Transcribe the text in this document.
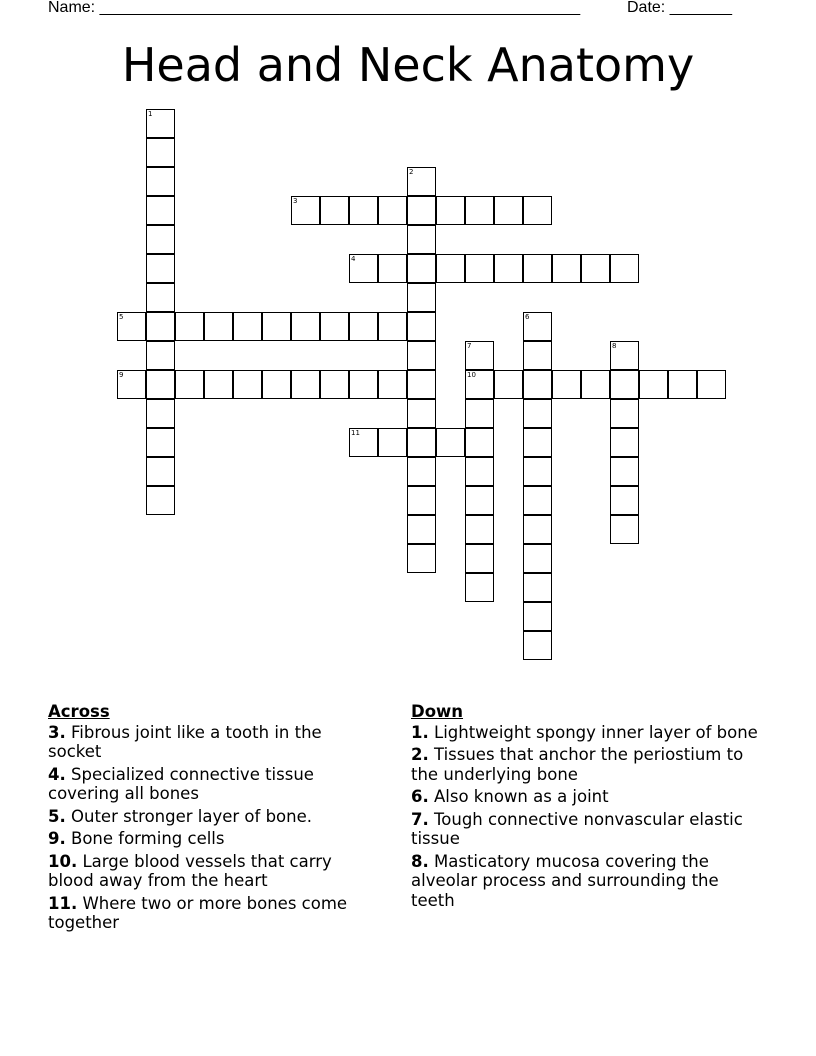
Name: ______________________________________________________	Date: _______
Head and Neck Anatomy
1
2
3
4
5	6
7
10
8
9
11
Across
3. Fibrous joint like a tooth in the socket
4. Specialized connective tissue covering all bones
5. Outer stronger layer of bone.
9. Bone forming cells
10. Large blood vessels that carry blood away from the heart
11. Where two or more bones come together
Down
1. Lightweight spongy inner layer of bone
2. Tissues that anchor the periostium to the underlying bone
6. Also known as a joint
7. Tough connective nonvascular elastic tissue
8. Masticatory mucosa covering the alveolar process and surrounding the teeth
